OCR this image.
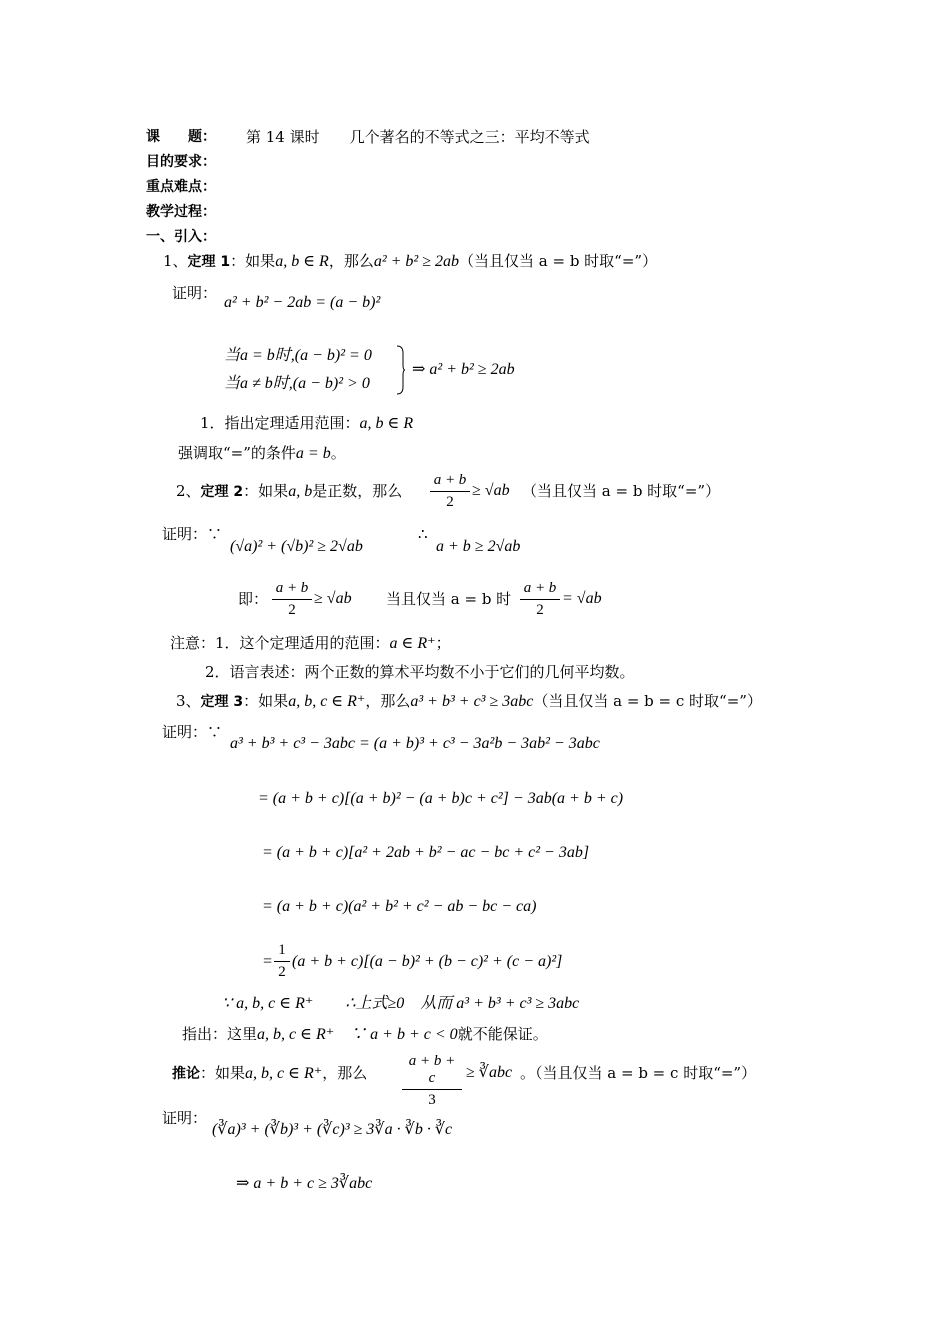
课　　题： 第 14 课时　　几个著名的不等式之三：平均不等式
目的要求：
重点难点：
教学过程：
一、引入：
1、定理 1：如果a, b ∈ R，那么a² + b² ≥ 2ab（当且仅当 a = b 时取“=”）
证明：
a² + b² − 2ab = (a − b)²
当a = b时,(a − b)² = 0
当a ≠ b时,(a − b)² > 0
⇒ a² + b² ≥ 2ab
1．指出定理适用范围：a, b ∈ R
强调取“=”的条件a = b。
2、定理 2：如果a, b是正数，那么
a + b
2
≥ √ab （当且仅当 a = b 时取“=”）
证明：∵
(√a)² + (√b)² ≥ 2√ab
∴
a + b ≥ 2√ab
即：
a + b
2
≥ √ab 当且仅当 a = b 时
a + b
2
= √ab
注意：1．这个定理适用的范围：a ∈ R⁺；
2．语言表述：两个正数的算术平均数不小于它们的几何平均数。
3、定理 3：如果a, b, c ∈ R⁺，那么a³ + b³ + c³ ≥ 3abc（当且仅当 a = b = c 时取“=”）
证明：∵
a³ + b³ + c³ − 3abc = (a + b)³ + c³ − 3a²b − 3ab² − 3abc
= (a + b + c)[(a + b)² − (a + b)c + c²] − 3ab(a + b + c)
= (a + b + c)[a² + 2ab + b² − ac − bc + c² − 3ab]
= (a + b + c)(a² + b² + c² − ab − bc − ca)
=
1
2
(a + b + c)[(a − b)² + (b − c)² + (c − a)²]
∵ a, b, c ∈ R⁺　　∴上式≥0　从而 a³ + b³ + c³ ≥ 3abc
指出：这里a, b, c ∈ R⁺　∵ a + b + c < 0就不能保证。
推论：如果a, b, c ∈ R⁺，那么
a + b + c
3
≥ ∛abc 。（当且仅当 a = b = c 时取“=”）
证明：
(∛a)³ + (∛b)³ + (∛c)³ ≥ 3∛a · ∛b · ∛c
⇒ a + b + c ≥ 3∛abc
